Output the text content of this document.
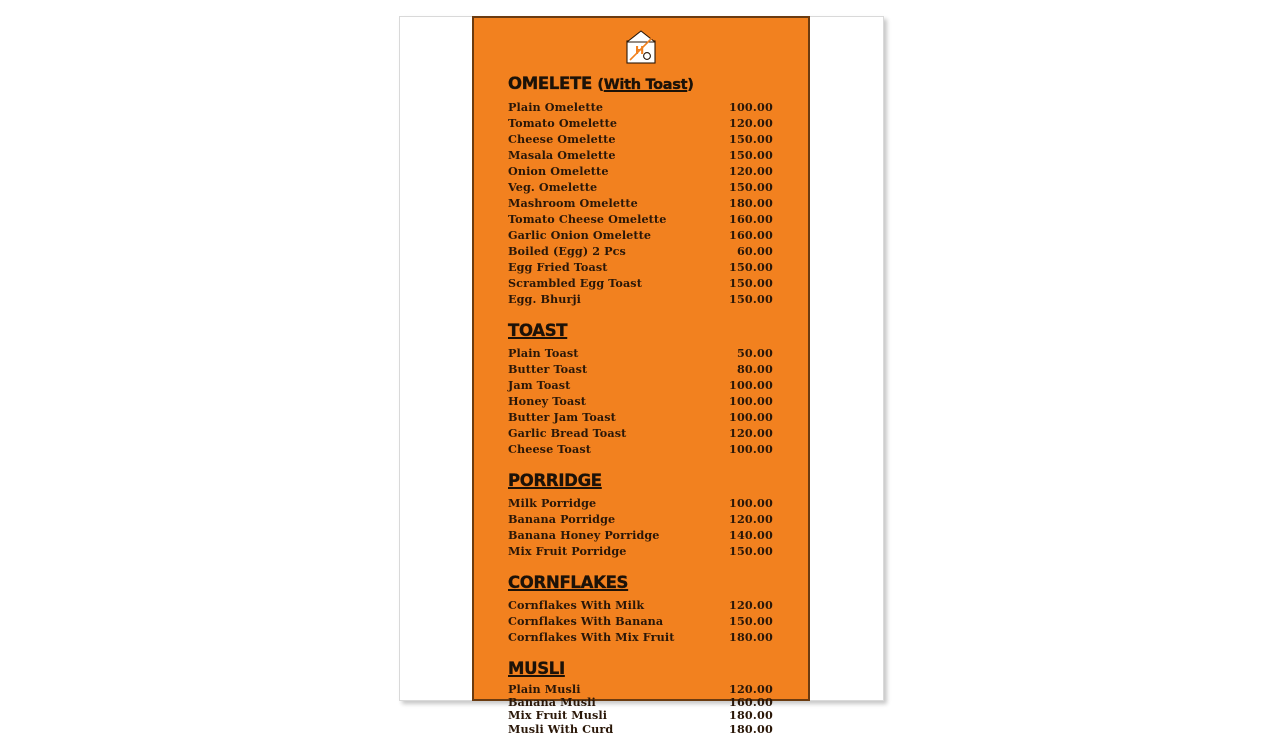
H
OMELETE (With Toast)
Plain Omelette	100.00
Tomato Omelette	120.00
Cheese Omelette	150.00
Masala Omelette	150.00
Onion Omelette	120.00
Veg. Omelette	150.00
Mashroom Omelette	180.00
Tomato Cheese Omelette	160.00
Garlic Onion Omelette	160.00
Boiled (Egg) 2 Pcs	60.00
Egg Fried Toast	150.00
Scrambled Egg Toast	150.00
Egg. Bhurji	150.00
TOAST
Plain Toast	50.00
Butter Toast	80.00
Jam Toast	100.00
Honey Toast	100.00
Butter Jam Toast	100.00
Garlic Bread Toast	120.00
Cheese Toast	100.00
PORRIDGE
Milk Porridge	100.00
Banana Porridge	120.00
Banana Honey Porridge	140.00
Mix Fruit Porridge	150.00
CORNFLAKES
Cornflakes With Milk	120.00
Cornflakes With Banana	150.00
Cornflakes With Mix Fruit	180.00
MUSLI
Plain Musli	120.00
Banana Musli	160.00
Mix Fruit Musli	180.00
Musli With Curd	180.00
